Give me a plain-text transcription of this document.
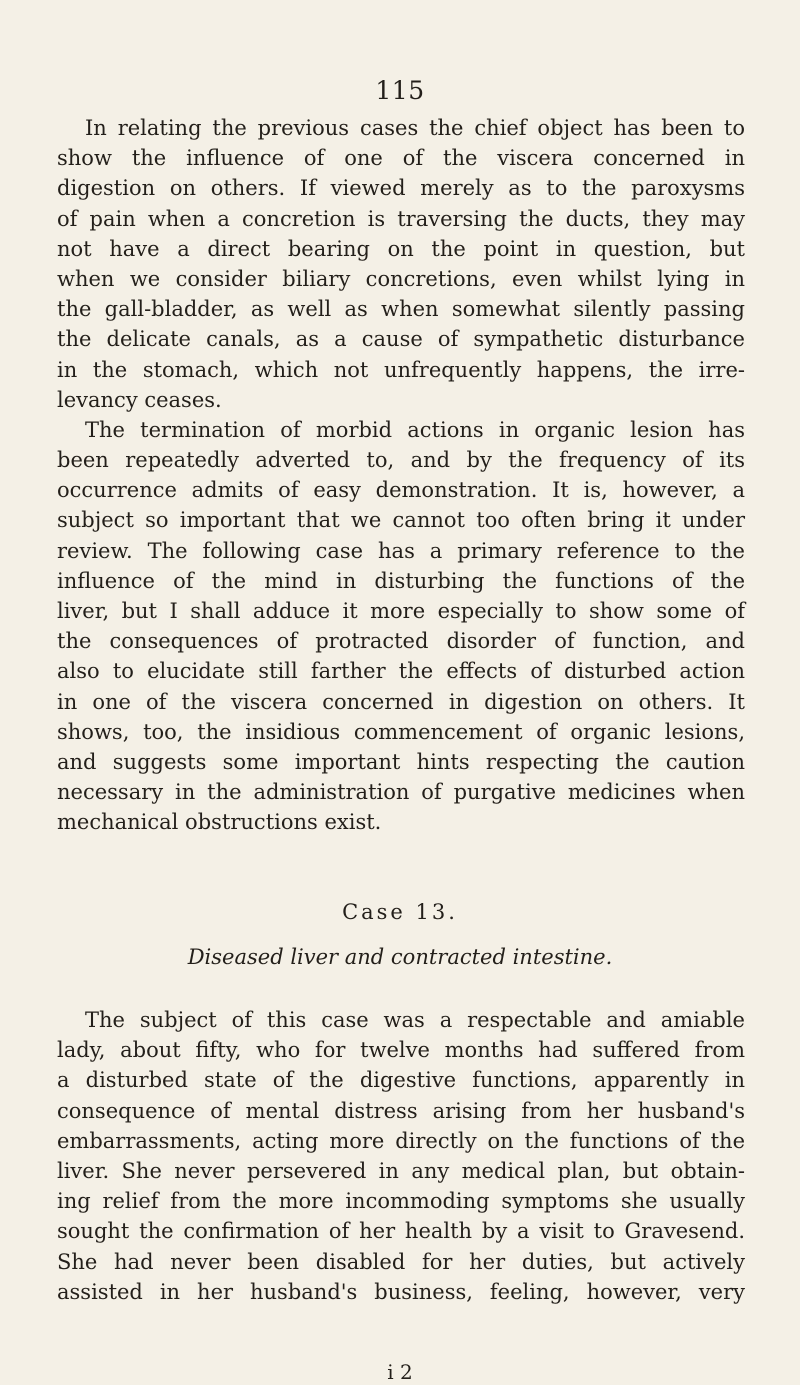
115
In relating the previous cases the chief object has been to
show the influence of one of the viscera concerned in
digestion on others. If viewed merely as to the paroxysms
of pain when a concretion is traversing the ducts, they may
not have a direct bearing on the point in question, but
when we consider biliary concretions, even whilst lying in
the gall-bladder, as well as when somewhat silently passing
the delicate canals, as a cause of sympathetic disturbance
in the stomach, which not unfrequently happens, the irre-
levancy ceases.
The termination of morbid actions in organic lesion has
been repeatedly adverted to, and by the frequency of its
occurrence admits of easy demonstration. It is, however, a
subject so important that we cannot too often bring it under
review. The following case has a primary reference to the
influence of the mind in disturbing the functions of the
liver, but I shall adduce it more especially to show some of
the consequences of protracted disorder of function, and
also to elucidate still farther the effects of disturbed action
in one of the viscera concerned in digestion on others. It
shows, too, the insidious commencement of organic lesions,
and suggests some important hints respecting the caution
necessary in the administration of purgative medicines when
mechanical obstructions exist.
Case 13.
Diseased liver and contracted intestine.
The subject of this case was a respectable and amiable
lady, about fifty, who for twelve months had suffered from
a disturbed state of the digestive functions, apparently in
consequence of mental distress arising from her husband's
embarrassments, acting more directly on the functions of the
liver. She never persevered in any medical plan, but obtain-
ing relief from the more incommoding symptoms she usually
sought the confirmation of her health by a visit to Gravesend.
She had never been disabled for her duties, but actively
assisted in her husband's business, feeling, however, very
i 2
